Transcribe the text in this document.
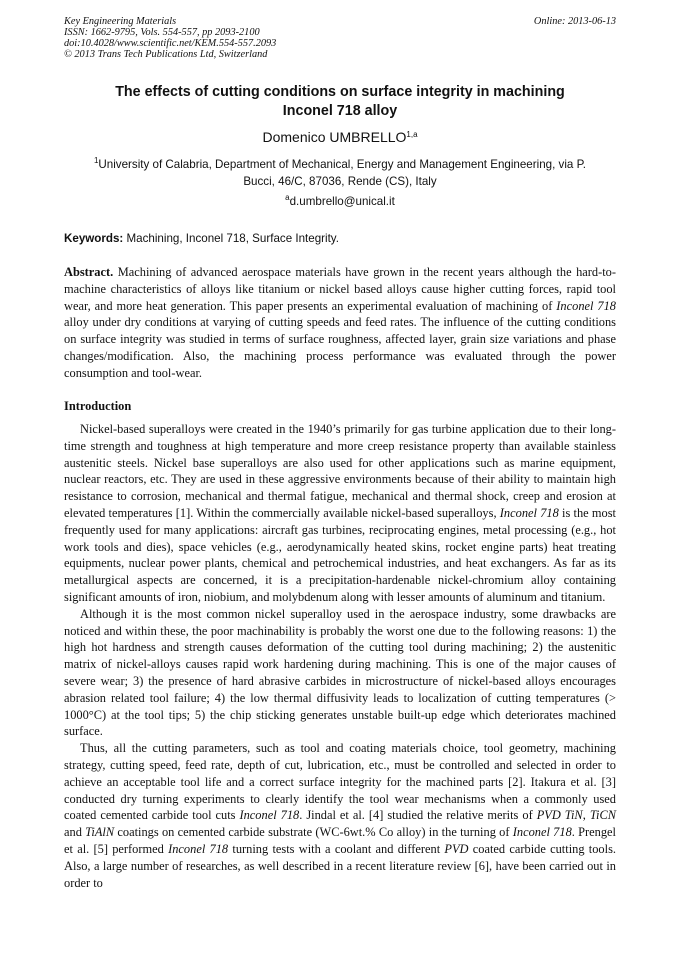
Key Engineering Materials
ISSN: 1662-9795, Vols. 554-557, pp 2093-2100
doi:10.4028/www.scientific.net/KEM.554-557.2093
© 2013 Trans Tech Publications Ltd, Switzerland
Online: 2013-06-13
The effects of cutting conditions on surface integrity in machining
Inconel 718 alloy
Domenico UMBRELLO$^{1,a}$
$^1$University of Calabria, Department of Mechanical, Energy and Management Engineering, via P.
Bucci, 46/C, 87036, Rende (CS), Italy
$^a$d.umbrello@unical.it
Keywords: Machining, Inconel 718, Surface Integrity.

Abstract. Machining of advanced aerospace materials have grown in the recent years although the hard-to-machine characteristics of alloys like titanium or nickel based alloys cause higher cutting forces, rapid tool wear, and more heat generation. This paper presents an experimental evaluation of machining of Inconel 718 alloy under dry conditions at varying of cutting speeds and feed rates. The influence of the cutting conditions on surface integrity was studied in terms of surface roughness, affected layer, grain size variations and phase changes/modification. Also, the machining process performance was evaluated through the power consumption and tool-wear.

Introduction

Nickel-based superalloys were created in the 1940’s primarily for gas turbine application due to their long-time strength and toughness at high temperature and more creep resistance property than available stainless austenitic steels. Nickel base superalloys are also used for other applications such as marine equipment, nuclear reactors, etc. They are used in these aggressive environments because of their ability to maintain high resistance to corrosion, mechanical and thermal fatigue, mechanical and thermal shock, creep and erosion at elevated temperatures [1]. Within the commercially available nickel-based superalloys, Inconel 718 is the most frequently used for many applications: aircraft gas turbines, reciprocating engines, metal processing (e.g., hot work tools and dies), space vehicles (e.g., aerodynamically heated skins, rocket engine parts) heat treating equipments, nuclear power plants, chemical and petrochemical industries, and heat exchangers. As far as its metallurgical aspects are concerned, it is a precipitation-hardenable nickel-chromium alloy containing significant amounts of iron, niobium, and molybdenum along with lesser amounts of aluminum and titanium.

Although it is the most common nickel superalloy used in the aerospace industry, some drawbacks are noticed and within these, the poor machinability is probably the worst one due to the following reasons: 1) the high hot hardness and strength causes deformation of the cutting tool during machining; 2) the austenitic matrix of nickel-alloys causes rapid work hardening during machining. This is one of the major causes of severe wear; 3) the presence of hard abrasive carbides in microstructure of nickel-based alloys encourages abrasion related tool failure; 4) the low thermal diffusivity leads to localization of cutting temperatures (> 1000°C) at the tool tips; 5) the chip sticking generates unstable built-up edge which deteriorates machined surface.

Thus, all the cutting parameters, such as tool and coating materials choice, tool geometry, machining strategy, cutting speed, feed rate, depth of cut, lubrication, etc., must be controlled and selected in order to achieve an acceptable tool life and a correct surface integrity for the machined parts [2]. Itakura et al. [3] conducted dry turning experiments to clearly identify the tool wear mechanisms when a commonly used coated cemented carbide tool cuts Inconel 718. Jindal et al. [4] studied the relative merits of PVD TiN, TiCN and TiAlN coatings on cemented carbide substrate (WC-6wt.% Co alloy) in the turning of Inconel 718. Prengel et al. [5] performed Inconel 718 turning tests with a coolant and different PVD coated carbide cutting tools. Also, a large number of researches, as well described in a recent literature review [6], have been carried out in order to
